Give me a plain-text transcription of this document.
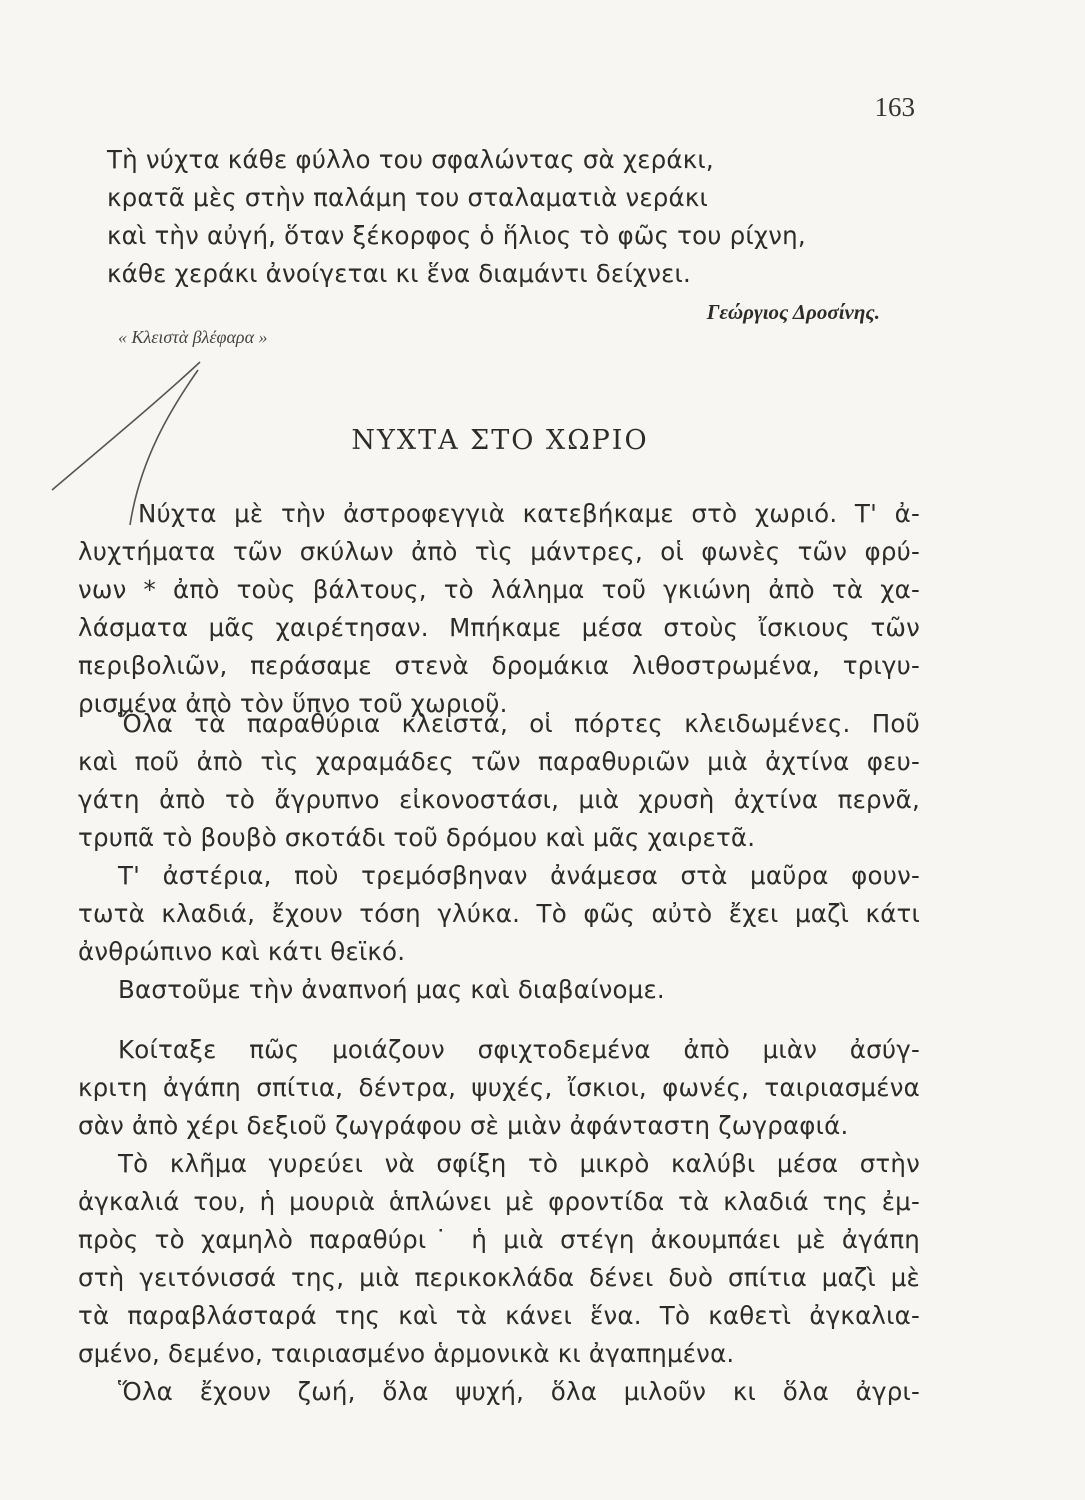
163
Τὴ νύχτα κάθε φύλλο του σφαλώντας σὰ χεράκι,
κρατᾶ μὲς στὴν παλάμη του σταλαματιὰ νεράκι
καὶ τὴν αὐγή, ὅταν ξέκορφος ὁ ἥλιος τὸ φῶς του ρίχνη,
κάθε χεράκι ἀνοίγεται κι ἕνα διαμάντι δείχνει.
Γεώργιος Δροσίνης.
« Κλειστὰ βλέφαρα »
ΝΥΧΤΑ ΣΤΟ ΧΩΡΙΟ
Νύχτα μὲ τὴν ἀστροφεγγιὰ κατεβήκαμε στὸ χωριό. Τ' ἀ-
λυχτήματα τῶν σκύλων ἀπὸ τὶς μάντρες, οἱ φωνὲς τῶν φρύ-
νων * ἀπὸ τοὺς βάλτους, τὸ λάλημα τοῦ γκιώνη ἀπὸ τὰ χα-
λάσματα μᾶς χαιρέτησαν. Μπήκαμε μέσα στοὺς ἴσκιους τῶν
περιβολιῶν, περάσαμε στενὰ δρομάκια λιθοστρωμένα, τριγυ-
ρισμένα ἀπὸ τὸν ὕπνο τοῦ χωριοῦ.
Ὅλα τὰ παραθύρια κλειστά, οἱ πόρτες κλειδωμένες. Ποῦ
καὶ ποῦ ἀπὸ τὶς χαραμάδες τῶν παραθυριῶν μιὰ ἀχτίνα φευ-
γάτη ἀπὸ τὸ ἄγρυπνο εἰκονοστάσι, μιὰ χρυσὴ ἀχτίνα περνᾶ,
τρυπᾶ τὸ βουβὸ σκοτάδι τοῦ δρόμου καὶ μᾶς χαιρετᾶ.
Τ' ἀστέρια, ποὺ τρεμόσβηναν ἀνάμεσα στὰ μαῦρα φουν-
τωτὰ κλαδιά, ἔχουν τόση γλύκα. Τὸ φῶς αὐτὸ ἔχει μαζὶ κάτι
ἀνθρώπινο καὶ κάτι θεϊκό.
Βαστοῦμε τὴν ἀναπνοή μας καὶ διαβαίνομε.
Κοίταξε πῶς μοιάζουν σφιχτοδεμένα ἀπὸ μιὰν ἀσύγ-
κριτη ἀγάπη σπίτια, δέντρα, ψυχές, ἴσκιοι, φωνές, ταιριασμένα
σὰν ἀπὸ χέρι δεξιοῦ ζωγράφου σὲ μιὰν ἀφάνταστη ζωγραφιά.
Τὸ κλῆμα γυρεύει νὰ σφίξη τὸ μικρὸ καλύβι μέσα στὴν
ἀγκαλιά του, ἡ μουριὰ ἁπλώνει μὲ φροντίδα τὰ κλαδιά της ἐμ-
πρὸς τὸ χαμηλὸ παραθύρι˙ ἡ μιὰ στέγη ἀκουμπάει μὲ ἀγάπη
στὴ γειτόνισσά της, μιὰ περικοκλάδα δένει δυὸ σπίτια μαζὶ μὲ
τὰ παραβλάσταρά της καὶ τὰ κάνει ἕνα. Τὸ καθετὶ ἀγκαλια-
σμένο, δεμένο, ταιριασμένο ἁρμονικὰ κι ἀγαπημένα.
Ὅλα ἔχουν ζωή, ὅλα ψυχή, ὅλα μιλοῦν κι ὅλα ἀγρι-
